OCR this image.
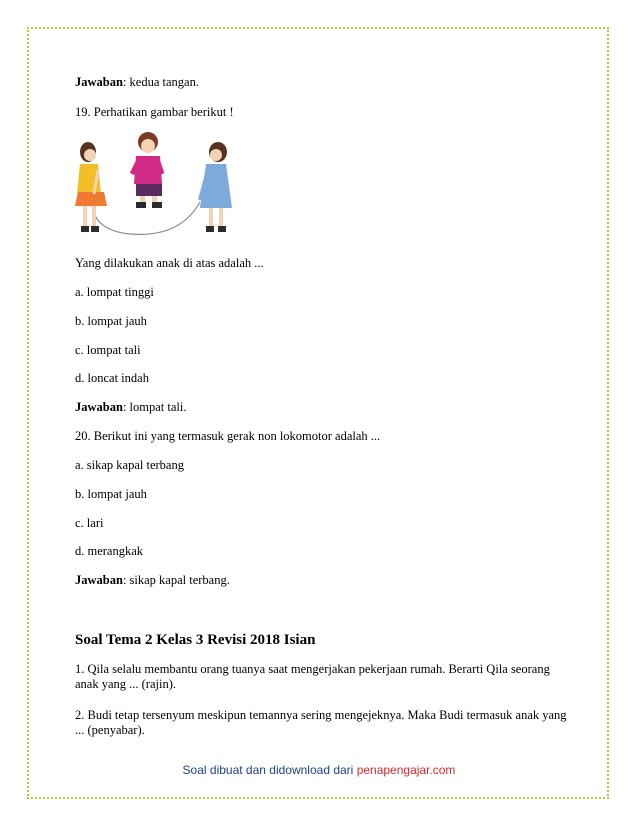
Jawaban: kedua tangan.
19. Perhatikan gambar berikut !
Yang dilakukan anak di atas adalah ...
a. lompat tinggi
b. lompat jauh
c. lompat tali
d. loncat indah
Jawaban: lompat tali.
20. Berikut ini yang termasuk gerak non lokomotor adalah ...
a. sikap kapal terbang
b. lompat jauh
c. lari
d. merangkak
Jawaban: sikap kapal terbang.
Soal Tema 2 Kelas 3 Revisi 2018 Isian
1. Qila selalu membantu orang tuanya saat mengerjakan pekerjaan rumah. Berarti Qila seorang anak yang ... (rajin).
2. Budi tetap tersenyum meskipun temannya sering mengejeknya. Maka Budi termasuk anak yang ... (penyabar).
Soal dibuat dan didownload dari penapengajar.com
